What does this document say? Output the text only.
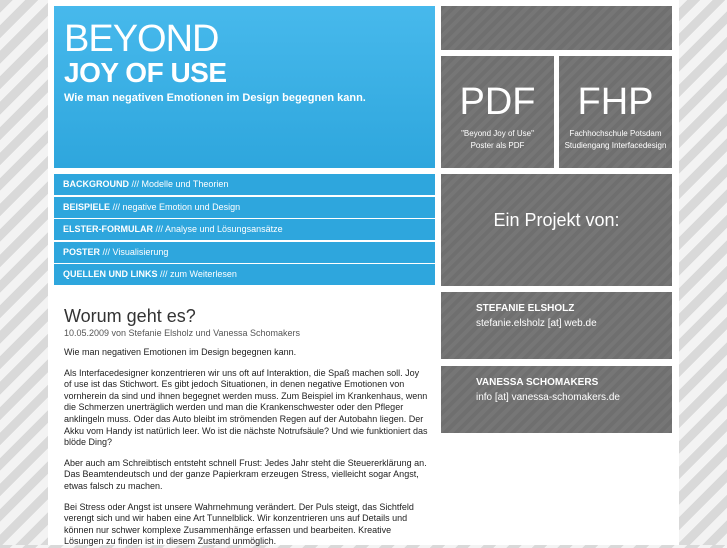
BEYOND
JOY OF USE
Wie man negativen Emotionen im Design begegnen kann.
BACKGROUND /// Modelle und Theorien
BEISPIELE /// negative Emotion und Design
ELSTER-FORMULAR /// Analyse und Lösungsansätze
POSTER /// Visualisierung
QUELLEN UND LINKS /// zum Weiterlesen
PDF
"Beyond Joy of Use"
Poster als PDF
FHP
Fachhochschule Potsdam
Studiengang Interfacedesign
Ein Projekt von:
STEFANIE ELSHOLZ
stefanie.elsholz [at] web.de
VANESSA SCHOMAKERS
info [at] vanessa-schomakers.de
Worum geht es?
10.05.2009 von Stefanie Elsholz und Vanessa Schomakers

Wie man negativen Emotionen im Design begegnen kann.

Als Interfacedesigner konzentrieren wir uns oft auf Interaktion, die Spaß machen soll. Joy of use ist das Stichwort. Es gibt jedoch Situationen, in denen negative Emotionen von vornherein da sind und ihnen begegnet werden muss. Zum Beispiel im Krankenhaus, wenn die Schmerzen unerträglich werden und man die Krankenschwester oder den Pfleger anklingeln muss. Oder das Auto bleibt im strömenden Regen auf der Autobahn liegen. Der Akku vom Handy ist natürlich leer. Wo ist die nächste Notrufsäule? Und wie funktioniert das blöde Ding?

Aber auch am Schreibtisch entsteht schnell Frust: Jedes Jahr steht die Steuererklärung an. Das Beamtendeutsch und der ganze Papierkram erzeugen Stress, vielleicht sogar Angst, etwas falsch zu machen.

Bei Stress oder Angst ist unsere Wahrnehmung verändert. Der Puls steigt, das Sichtfeld verengt sich und wir haben eine Art Tunnelblick. Wir konzentrieren uns auf Details und können nur schwer komplexe Zusammenhänge erfassen und bearbeiten. Kreative Lösungen zu finden ist in diesem Zustand unmöglich.
